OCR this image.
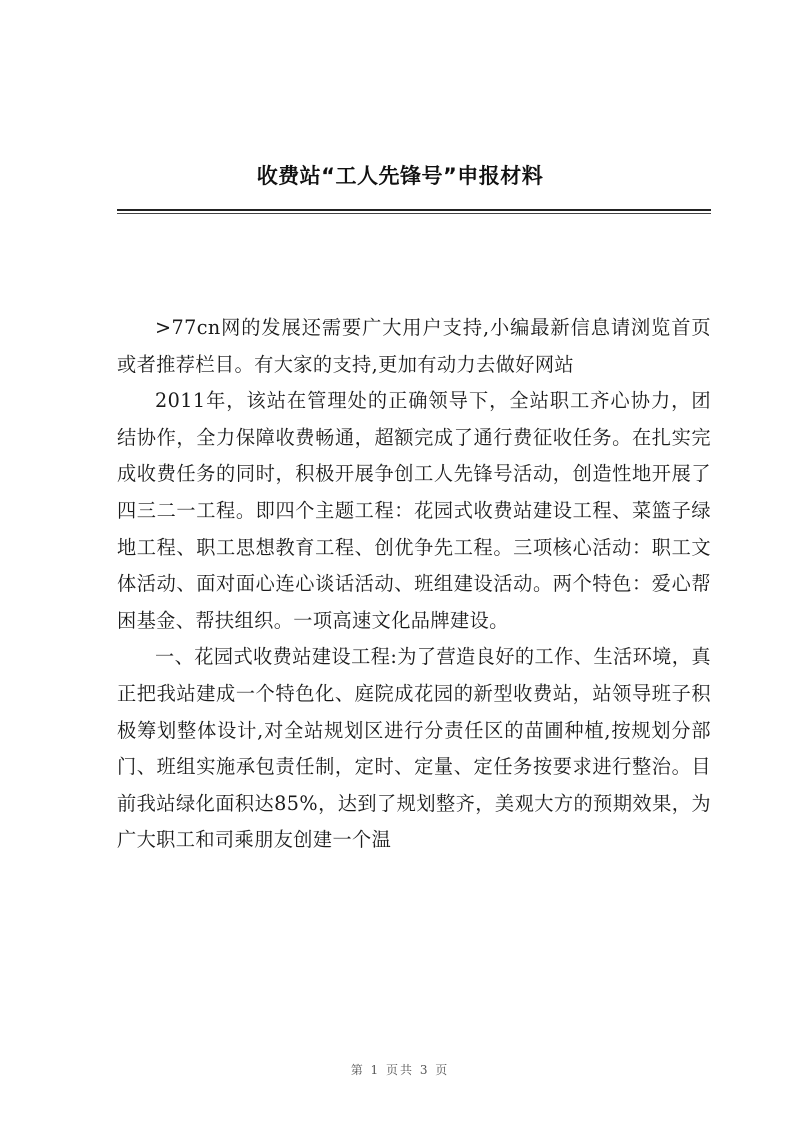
收费站“工人先锋号”申报材料

>77cn网的发展还需要广大用户支持,小编最新信息请浏览首页或者推荐栏目。有大家的支持,更加有动力去做好网站

2011年，该站在管理处的正确领导下，全站职工齐心协力，团结协作，全力保障收费畅通，超额完成了通行费征收任务。在扎实完成收费任务的同时，积极开展争创工人先锋号活动，创造性地开展了四三二一工程。即四个主题工程：花园式收费站建设工程、菜篮子绿地工程、职工思想教育工程、创优争先工程。三项核心活动：职工文体活动、面对面心连心谈话活动、班组建设活动。两个特色：爱心帮困基金、帮扶组织。一项高速文化品牌建设。

一、花园式收费站建设工程:为了营造良好的工作、生活环境，真正把我站建成一个特色化、庭院成花园的新型收费站，站领导班子积极筹划整体设计,对全站规划区进行分责任区的苗圃种植,按规划分部门、班组实施承包责任制，定时、定量、定任务按要求进行整治。目前我站绿化面积达85%，达到了规划整齐，美观大方的预期效果，为广大职工和司乘朋友创建一个温

第 1 页共 3 页
